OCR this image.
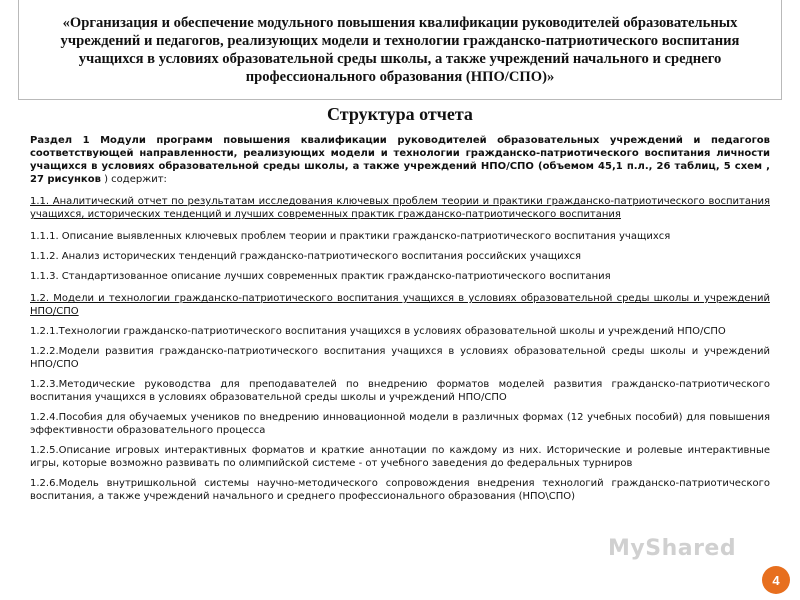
«Организация и обеспечение модульного повышения квалификации руководителей образовательных учреждений и педагогов, реализующих модели и технологии гражданско-патриотического воспитания учащихся в условиях образовательной среды школы, а также учреждений начального и среднего профессионального образования (НПО/СПО)»

Структура отчета

Раздел 1 Модули программ повышения квалификации руководителей образовательных учреждений и педагогов соответствующей направленности, реализующих модели и технологии гражданско-патриотического воспитания личности учащихся в условиях образовательной среды школы, а также учреждений НПО/СПО (объемом 45,1 п.л., 26 таблиц, 5 схем , 27 рисунков ) содержит:

1.1. Аналитический отчет по результатам исследования ключевых проблем теории и практики гражданско-патриотического воспитания учащихся, исторических тенденций и лучших современных практик гражданско-патриотического воспитания

1.1.1. Описание выявленных ключевых проблем теории и практики гражданско-патриотического воспитания учащихся

1.1.2. Анализ исторических тенденций гражданско-патриотического воспитания российских учащихся

1.1.3. Стандартизованное описание лучших современных практик гражданско-патриотического воспитания

1.2. Модели и технологии гражданско-патриотического воспитания учащихся в условиях образовательной среды школы и учреждений НПО/СПО

1.2.1.Технологии гражданско-патриотического воспитания учащихся в условиях образовательной школы и учреждений НПО/СПО

1.2.2.Модели развития гражданско-патриотического воспитания учащихся в условиях образовательной среды школы и учреждений НПО/СПО

1.2.3.Методические руководства для преподавателей по внедрению форматов моделей развития гражданско-патриотического воспитания учащихся в условиях образовательной среды школы и учреждений НПО/СПО

1.2.4.Пособия для обучаемых учеников по внедрению инновационной модели в различных формах (12 учебных пособий) для повышения эффективности образовательного процесса

1.2.5.Описание игровых интерактивных форматов и краткие аннотации по каждому из них. Исторические и ролевые интерактивные игры, которые возможно развивать по олимпийской системе - от учебного заведения до федеральных турниров

1.2.6.Модель внутришкольной системы научно-методического сопровождения внедрения технологий гражданско-патриотического воспитания, а также учреждений начального и среднего профессионального образования (НПО\СПО)

MyShared
4
